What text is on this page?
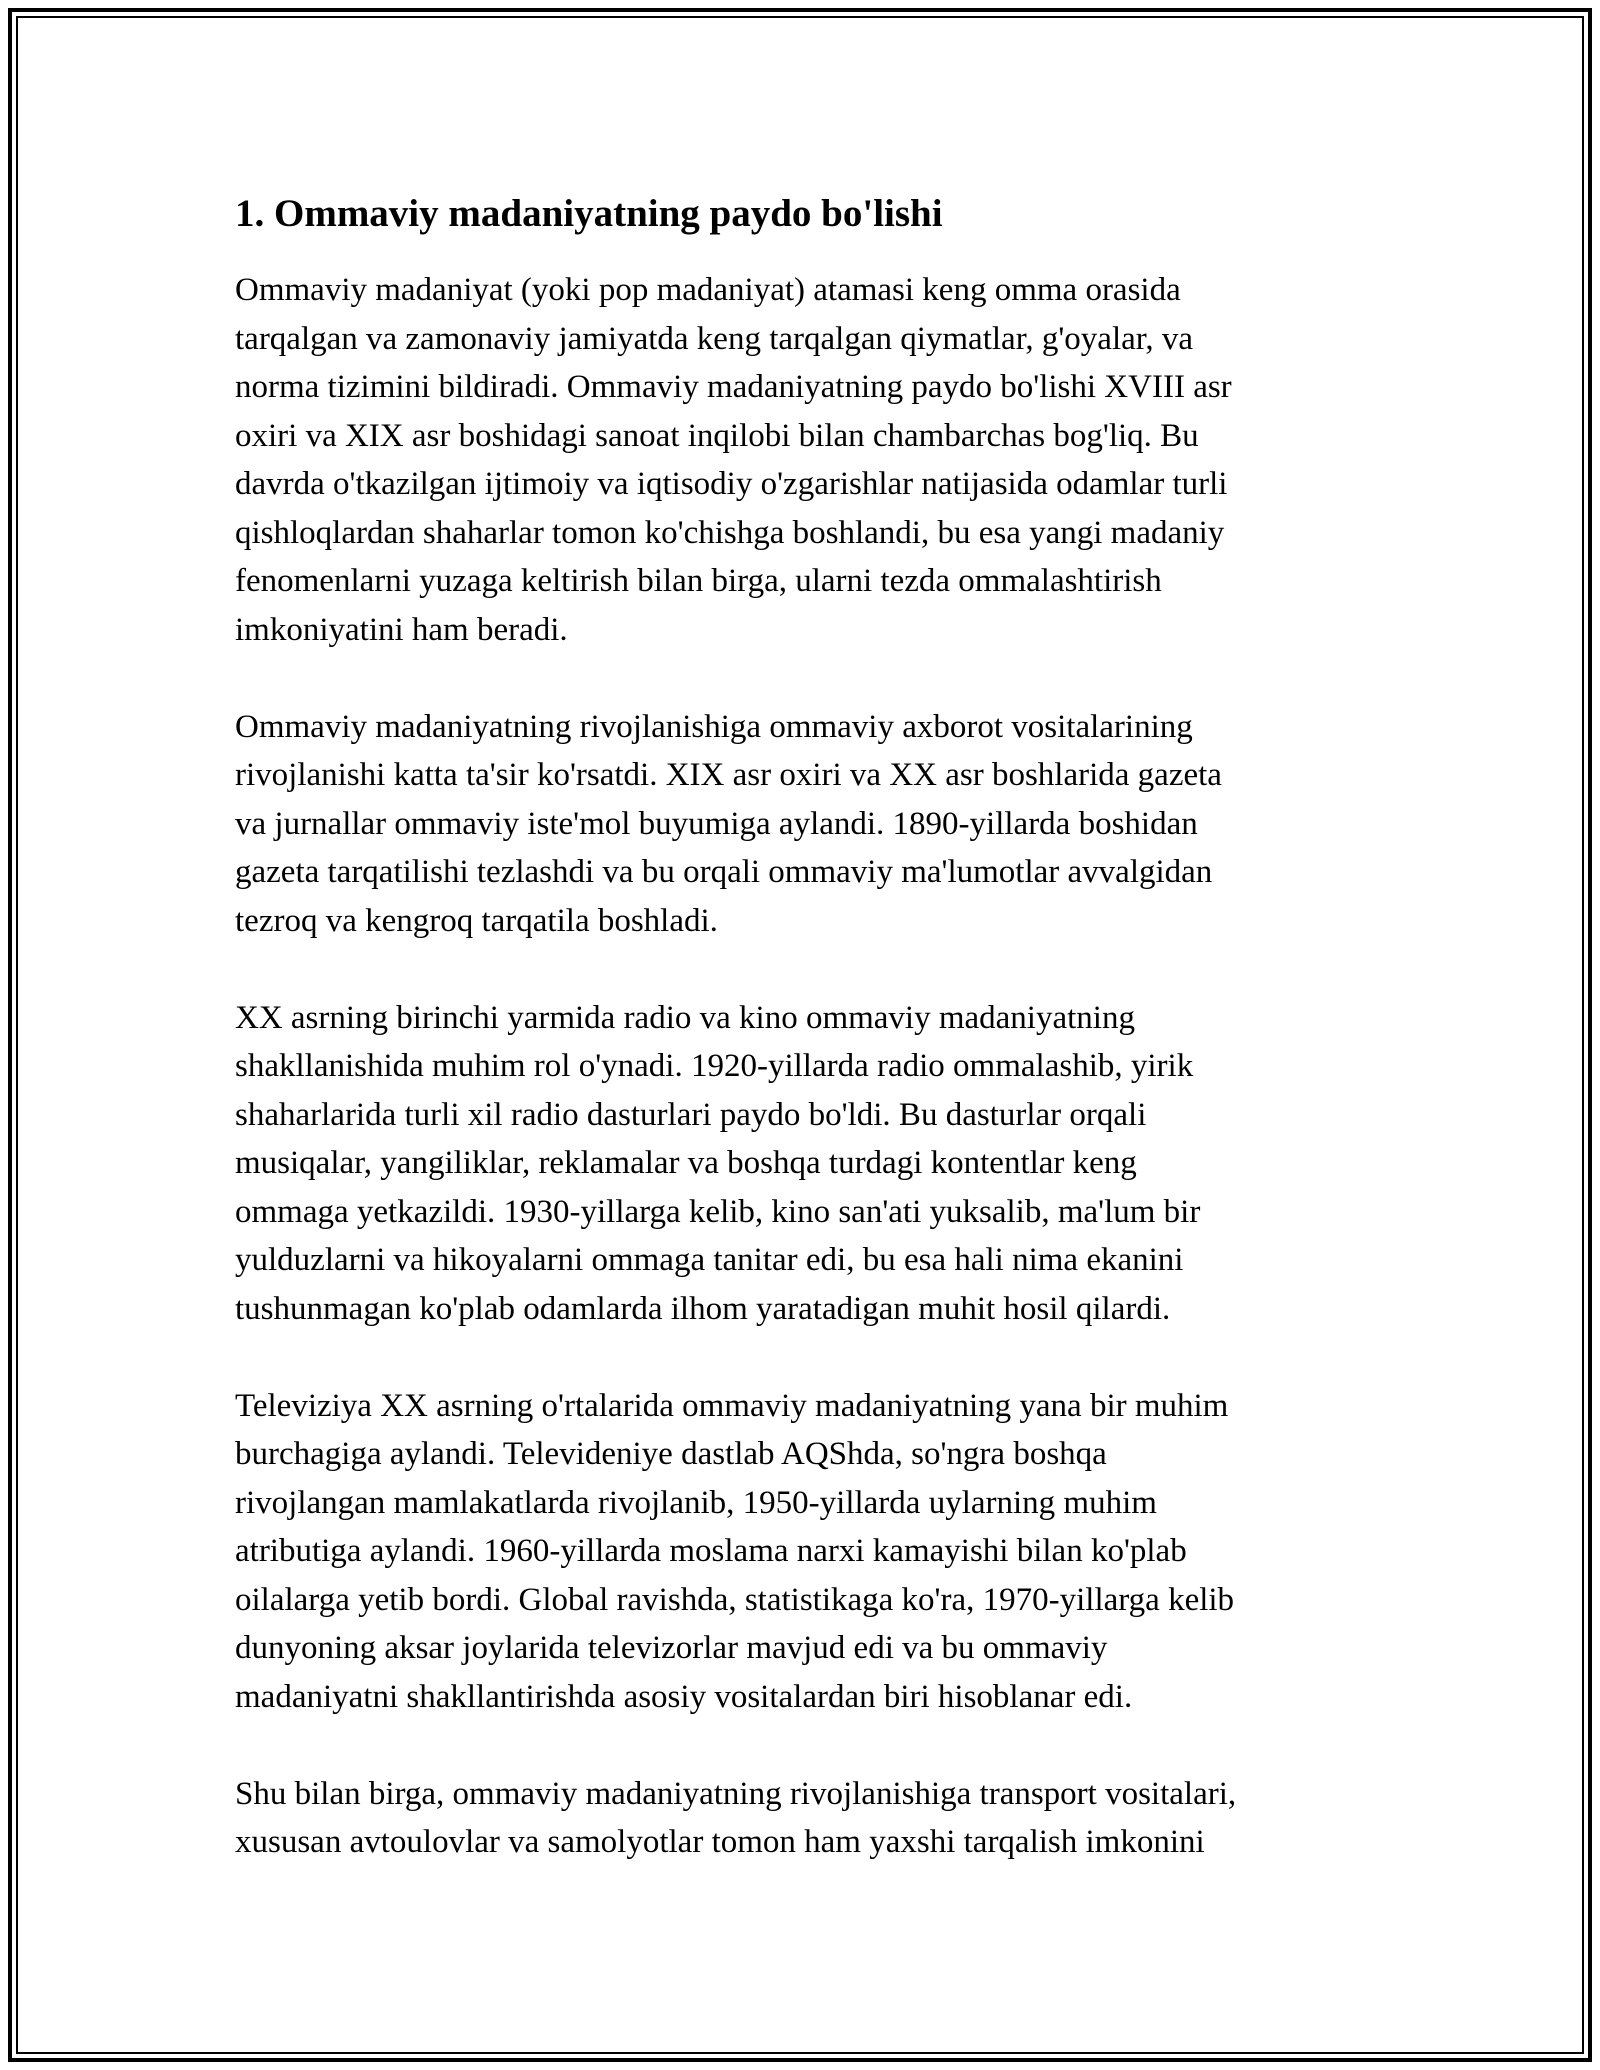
1. Ommaviy madaniyatning paydo bo'lishi

Ommaviy madaniyat (yoki pop madaniyat) atamasi keng omma orasida
tarqalgan va zamonaviy jamiyatda keng tarqalgan qiymatlar, g'oyalar, va
norma tizimini bildiradi. Ommaviy madaniyatning paydo bo'lishi XVIII asr
oxiri va XIX asr boshidagi sanoat inqilobi bilan chambarchas bog'liq. Bu
davrda o'tkazilgan ijtimoiy va iqtisodiy o'zgarishlar natijasida odamlar turli
qishloqlardan shaharlar tomon ko'chishga boshlandi, bu esa yangi madaniy
fenomenlarni yuzaga keltirish bilan birga, ularni tezda ommalashtirish
imkoniyatini ham beradi.

Ommaviy madaniyatning rivojlanishiga ommaviy axborot vositalarining
rivojlanishi katta ta'sir ko'rsatdi. XIX asr oxiri va XX asr boshlarida gazeta
va jurnallar ommaviy iste'mol buyumiga aylandi. 1890-yillarda boshidan
gazeta tarqatilishi tezlashdi va bu orqali ommaviy ma'lumotlar avvalgidan
tezroq va kengroq tarqatila boshladi.

XX asrning birinchi yarmida radio va kino ommaviy madaniyatning
shakllanishida muhim rol o'ynadi. 1920-yillarda radio ommalashib, yirik
shaharlarida turli xil radio dasturlari paydo bo'ldi. Bu dasturlar orqali
musiqalar, yangiliklar, reklamalar va boshqa turdagi kontentlar keng
ommaga yetkazildi. 1930-yillarga kelib, kino san'ati yuksalib, ma'lum bir
yulduzlarni va hikoyalarni ommaga tanitar edi, bu esa hali nima ekanini
tushunmagan ko'plab odamlarda ilhom yaratadigan muhit hosil qilardi.

Televiziya XX asrning o'rtalarida ommaviy madaniyatning yana bir muhim
burchagiga aylandi. Televideniye dastlab AQShda, so'ngra boshqa
rivojlangan mamlakatlarda rivojlanib, 1950-yillarda uylarning muhim
atributiga aylandi. 1960-yillarda moslama narxi kamayishi bilan ko'plab
oilalarga yetib bordi. Global ravishda, statistikaga ko'ra, 1970-yillarga kelib
dunyoning aksar joylarida televizorlar mavjud edi va bu ommaviy
madaniyatni shakllantirishda asosiy vositalardan biri hisoblanar edi.

Shu bilan birga, ommaviy madaniyatning rivojlanishiga transport vositalari,
xususan avtoulovlar va samolyotlar tomon ham yaxshi tarqalish imkonini
